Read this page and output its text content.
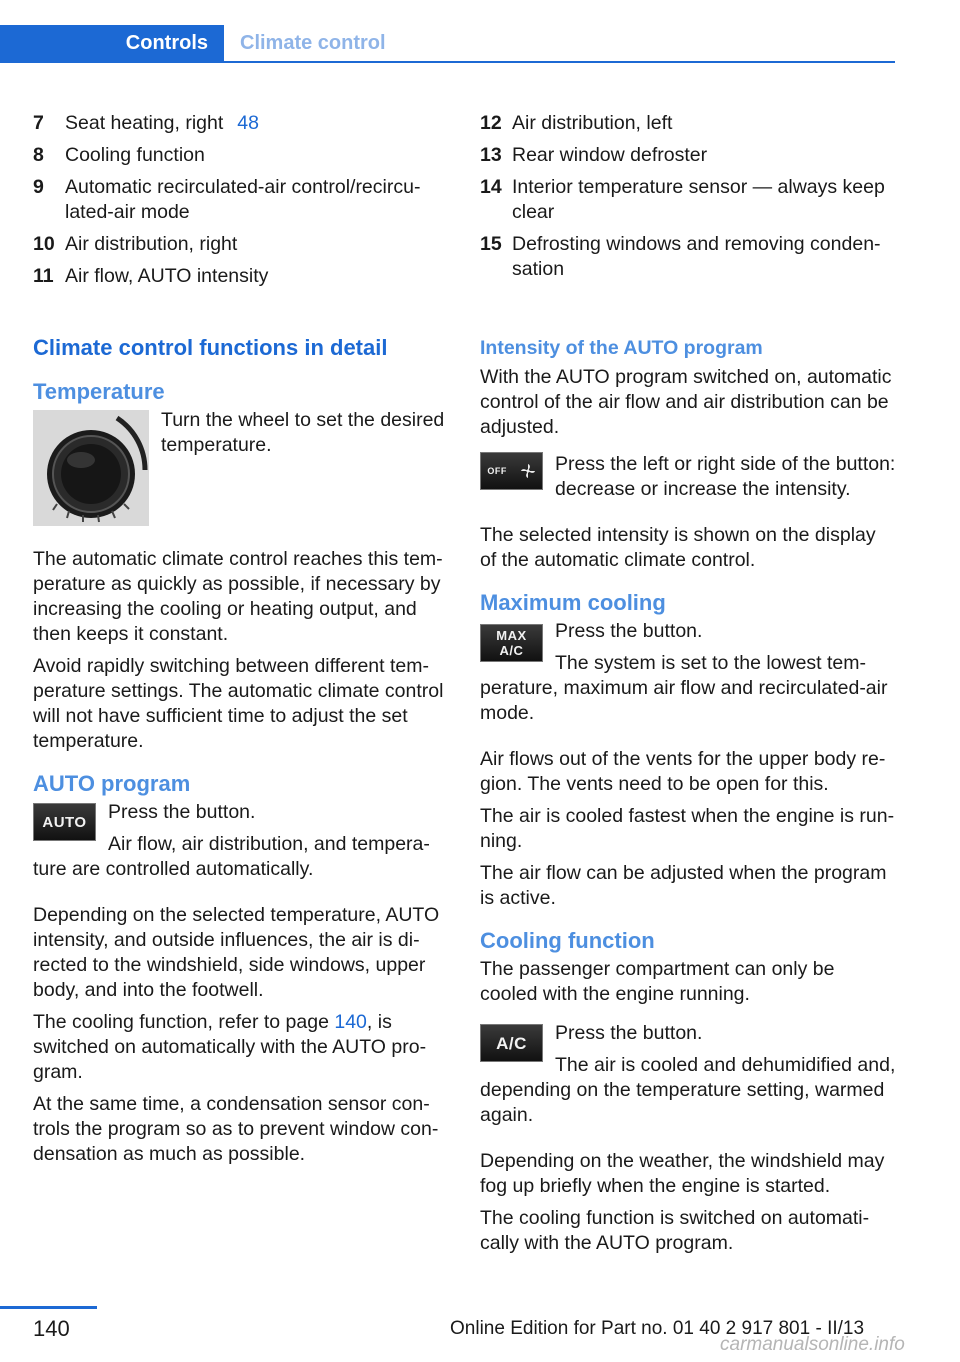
Controls	Climate control
7	Seat heating, right 48
8	Cooling function
9	Automatic recirculated-air control/recircu-lated-air mode
10 Air distribution, right
11 Air flow, AUTO intensity
12 Air distribution, left
13 Rear window defroster
14 Interior temperature sensor — always keep clear
15 Defrosting windows and removing conden-sation
Climate control functions in detail
Temperature

Turn the wheel to set the desired temperature.

The automatic climate control reaches this tem-perature as quickly as possible, if necessary by increasing the cooling or heating output, and then keeps it constant.

Avoid rapidly switching between different tem-perature settings. The automatic climate control will not have sufficient time to adjust the set temperature.

AUTO program
AUTO	Press the button.

Air flow, air distribution, and tempera-ture are controlled automatically.

Depending on the selected temperature, AUTO intensity, and outside influences, the air is di-rected to the windshield, side windows, upper body, and into the footwell.

The cooling function, refer to page 140, is switched on automatically with the AUTO pro-gram.

At the same time, a condensation sensor con-trols the program so as to prevent window con-densation as much as possible.

Intensity of the AUTO program

With the AUTO program switched on, automatic control of the air flow and air distribution can be adjusted.

OFF	Press the left or right side of the button: decrease or increase the intensity.

The selected intensity is shown on the display of the automatic climate control.

Maximum cooling
MAX
A/C

Press the button.

The system is set to the lowest tem-perature, maximum air flow and recirculated-air mode.

Air flows out of the vents for the upper body re-gion. The vents need to be open for this.

The air is cooled fastest when the engine is run-ning.

The air flow can be adjusted when the program is active.

Cooling function

The passenger compartment can only be cooled with the engine running.

A/C	Press the button.

The air is cooled and dehumidified and, depending on the temperature setting, warmed again.

Depending on the weather, the windshield may fog up briefly when the engine is started.

The cooling function is switched on automati-cally with the AUTO program.

140	Online Edition for Part no. 01 40 2 917 801 - II/13
carmanualsonline.info
